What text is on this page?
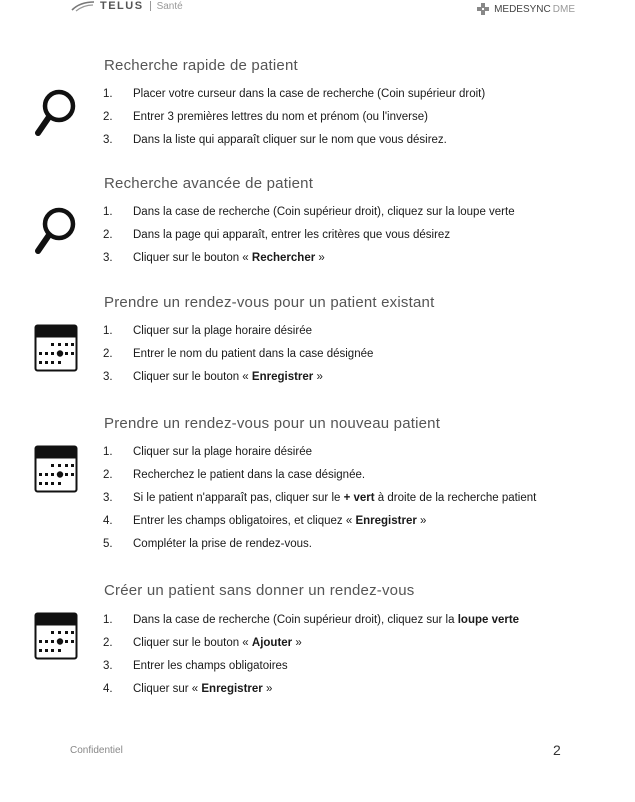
TELUS Santé	MEDESYNC DME
Recherche rapide de patient
1. Placer votre curseur dans la case de recherche (Coin supérieur droit)
2. Entrer 3 premières lettres du nom et prénom (ou l'inverse)
3. Dans la liste qui apparaît cliquer sur le nom que vous désirez.
Recherche avancée de patient
1. Dans la case de recherche (Coin supérieur droit), cliquez sur la loupe verte
2. Dans la page qui apparaît, entrer les critères que vous désirez
3. Cliquer sur le bouton « Rechercher »
Prendre un rendez-vous pour un patient existant
1. Cliquer sur la plage horaire désirée
2. Entrer le nom du patient dans la case désignée
3. Cliquer sur le bouton « Enregistrer »
Prendre un rendez-vous pour un nouveau patient
1. Cliquer sur la plage horaire désirée
2. Recherchez le patient dans la case désignée.
3. Si le patient n'apparaît pas, cliquer sur le + vert à droite de la recherche patient
4. Entrer les champs obligatoires, et cliquez « Enregistrer »
5. Compléter la prise de rendez-vous.
Créer un patient sans donner un rendez-vous
1. Dans la case de recherche (Coin supérieur droit), cliquez sur la loupe verte
2. Cliquer sur le bouton « Ajouter »
3. Entrer les champs obligatoires
4. Cliquer sur « Enregistrer »
Confidentiel	2
